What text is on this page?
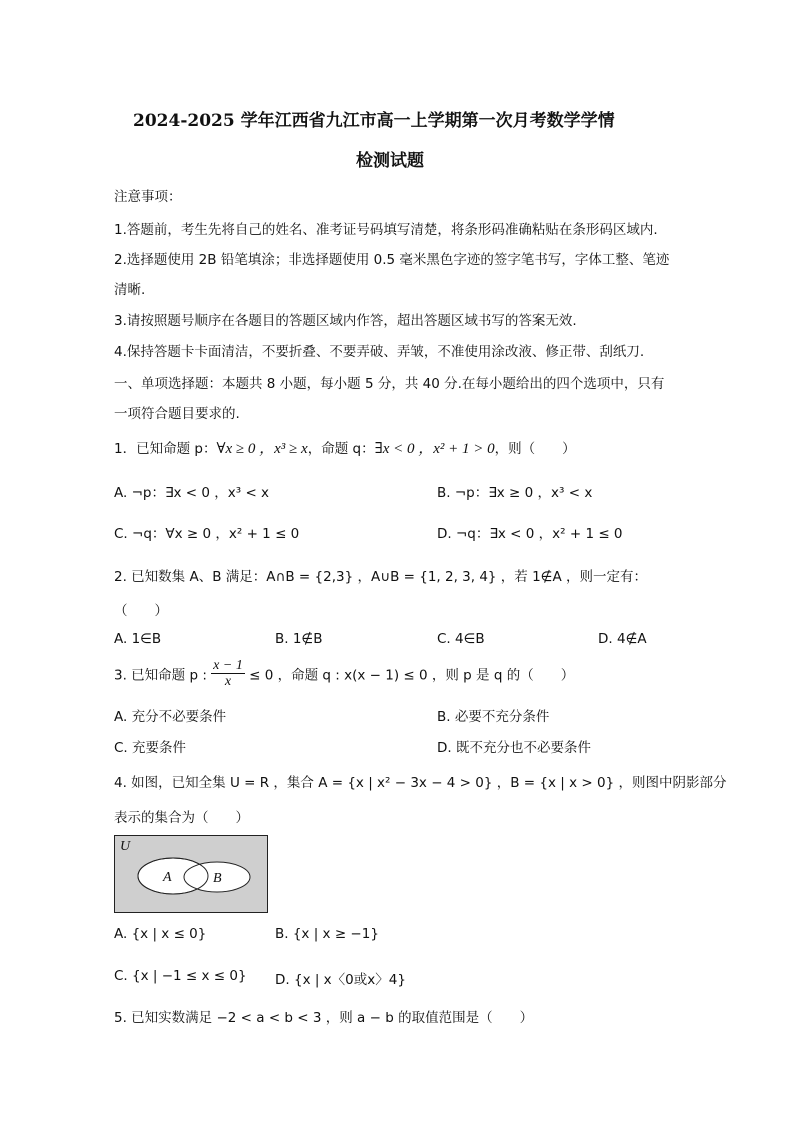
2024-2025 学年江西省九江市高一上学期第一次月考数学学情
检测试题
注意事项：
1.答题前，考生先将自己的姓名、准考证号码填写清楚，将条形码准确粘贴在条形码区域内.
2.选择题使用 2B 铅笔填涂；非选择题使用 0.5 毫米黑色字迹的签字笔书写，字体工整、笔迹
清晰.
3.请按照题号顺序在各题目的答题区域内作答，超出答题区域书写的答案无效.
4.保持答题卡卡面清洁，不要折叠、不要弄破、弄皱，不准使用涂改液、修正带、刮纸刀.
一、单项选择题：本题共 8 小题，每小题 5 分，共 40 分.在每小题给出的四个选项中，只有
一项符合题目要求的.
1．已知命题 p：∀x ≥ 0 ，x³ ≥ x，命题 q：∃x < 0 ，x² + 1 > 0，则（　　）
A. ¬p：∃x < 0 ，x³ < x	B. ¬p：∃x ≥ 0 ，x³ < x
C. ¬q：∀x ≥ 0 ，x² + 1 ≤ 0	D. ¬q：∃x < 0 ，x² + 1 ≤ 0
2. 已知数集 A、B 满足：A∩B = {2,3} ，A∪B = {1, 2, 3, 4} ，若 1∉A ，则一定有：
（　　）
A. 1∈B	B. 1∉B	C. 4∈B	D. 4∉A
3. 已知命题 p : $\frac{x - 1}{x} \le 0$ ，命题 q : x(x − 1) ≤ 0 ，则 p 是 q 的（　　）
A. 充分不必要条件	B. 必要不充分条件
C. 充要条件	D. 既不充分也不必要条件
4. 如图，已知全集 U = R ，集合 A = {x | x² − 3x − 4 > 0} ，B = {x | x > 0} ，则图中阴影部分
表示的集合为（　　）
U
A	B
A. {x | x ≤ 0}	B. {x | x ≥ −1}
C. {x | −1 ≤ x ≤ 0} D. {x | x〈0或x〉4}
5. 已知实数满足 −2 < a < b < 3 ，则 a − b 的取值范围是（　　）
